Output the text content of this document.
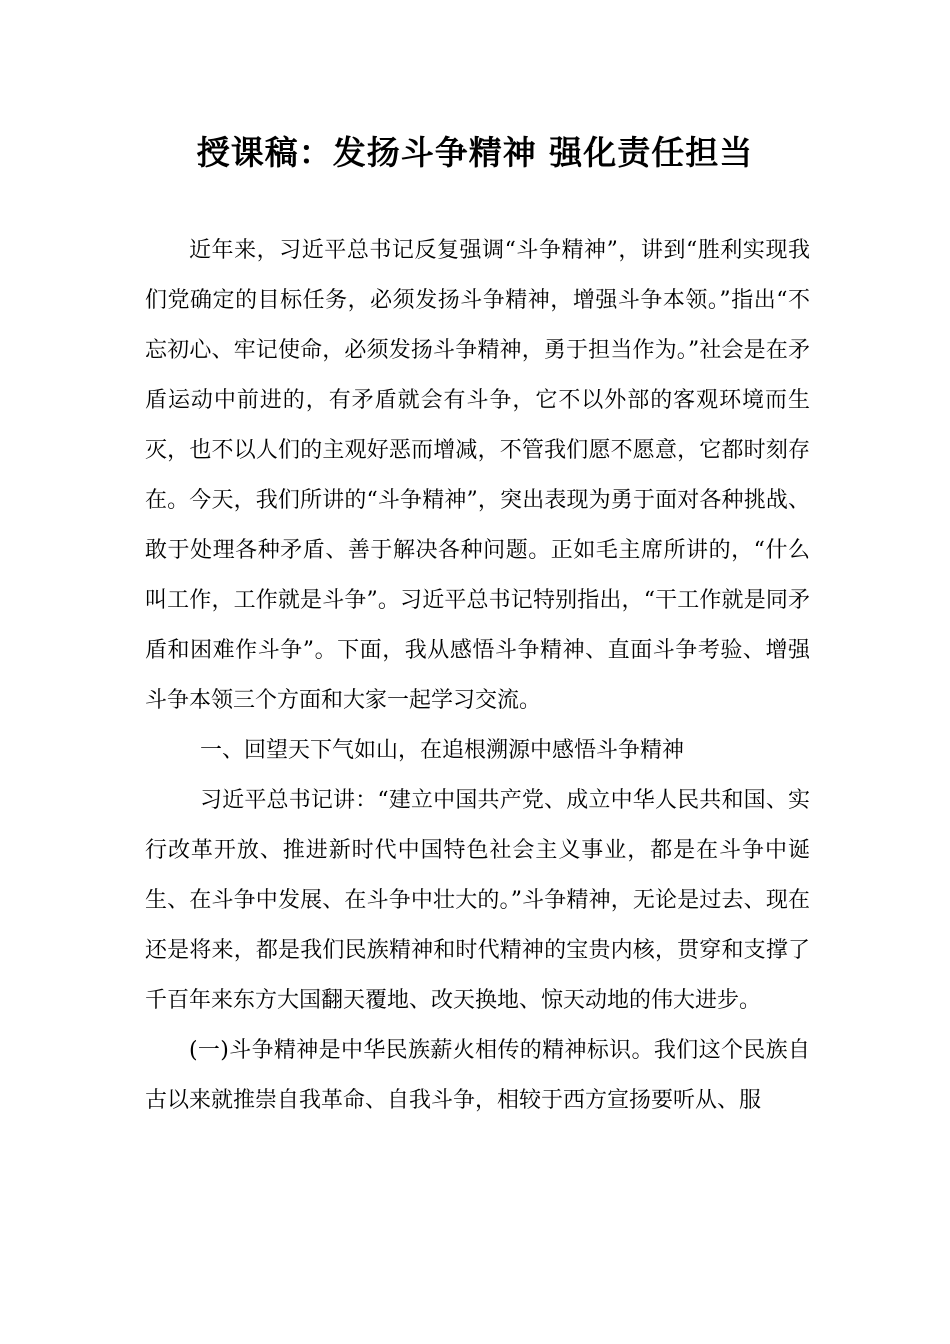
授课稿：发扬斗争精神 强化责任担当

近年来，习近平总书记反复强调“斗争精神”，讲到“胜利实现我们党确定的目标任务，必须发扬斗争精神，增强斗争本领。”指出“不忘初心、牢记使命，必须发扬斗争精神，勇于担当作为。”社会是在矛盾运动中前进的，有矛盾就会有斗争，它不以外部的客观环境而生灭，也不以人们的主观好恶而增减，不管我们愿不愿意，它都时刻存在。今天，我们所讲的“斗争精神”，突出表现为勇于面对各种挑战、敢于处理各种矛盾、善于解决各种问题。正如毛主席所讲的，“什么叫工作，工作就是斗争”。习近平总书记特别指出，“干工作就是同矛盾和困难作斗争”。下面，我从感悟斗争精神、直面斗争考验、增强斗争本领三个方面和大家一起学习交流。

一、回望天下气如山，在追根溯源中感悟斗争精神

习近平总书记讲：“建立中国共产党、成立中华人民共和国、实行改革开放、推进新时代中国特色社会主义事业，都是在斗争中诞生、在斗争中发展、在斗争中壮大的。”斗争精神，无论是过去、现在还是将来，都是我们民族精神和时代精神的宝贵内核，贯穿和支撑了千百年来东方大国翻天覆地、改天换地、惊天动地的伟大进步。

(一)斗争精神是中华民族薪火相传的精神标识。我们这个民族自古以来就推崇自我革命、自我斗争，相较于西方宣扬要听从、服
